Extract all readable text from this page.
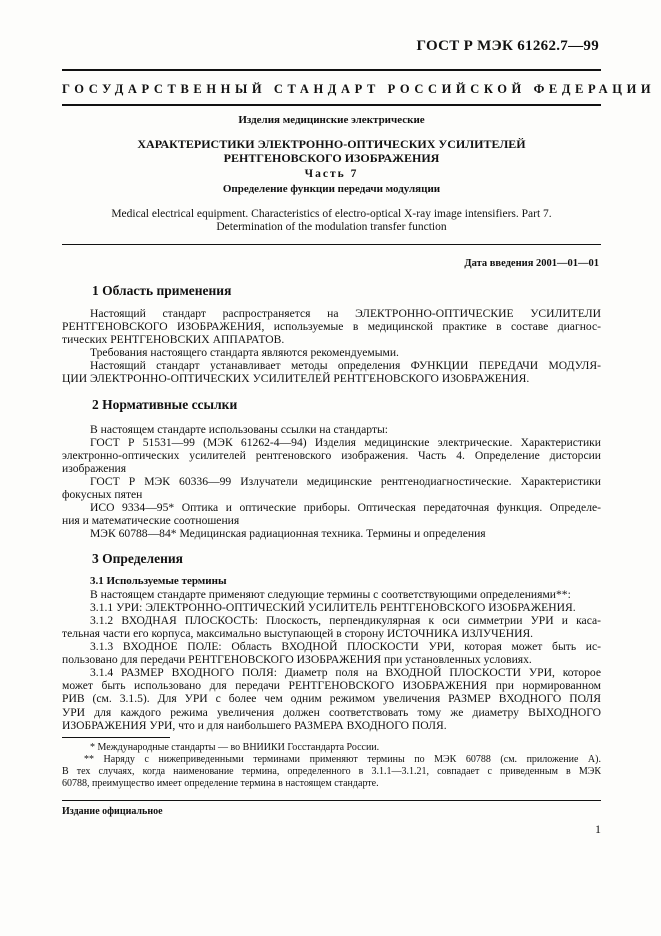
ГОСТ Р МЭК 61262.7—99
ГОСУДАРСТВЕННЫЙ СТАНДАРТ РОССИЙСКОЙ ФЕДЕРАЦИИ
Изделия медицинские электрические
ХАРАКТЕРИСТИКИ ЭЛЕКТРОННО-ОПТИЧЕСКИХ УСИЛИТЕЛЕЙ
РЕНТГЕНОВСКОГО ИЗОБРАЖЕНИЯ
Часть 7
Определение функции передачи модуляции
Medical electrical equipment. Characteristics of electro-optical X-ray image intensifiers. Part 7.
Determination of the modulation transfer function
Дата введения 2001—01—01
1 Область применения
Настоящий стандарт распространяется на ЭЛЕКТРОННО-ОПТИЧЕСКИЕ УСИЛИТЕЛИ
РЕНТГЕНОВСКОГО ИЗОБРАЖЕНИЯ, используемые в медицинской практике в составе диагнос-
тических РЕНТГЕНОВСКИХ АППАРАТОВ.
Требования настоящего стандарта являются рекомендуемыми.
Настоящий стандарт устанавливает методы определения ФУНКЦИИ ПЕРЕДАЧИ МОДУЛЯ-
ЦИИ ЭЛЕКТРОННО-ОПТИЧЕСКИХ УСИЛИТЕЛЕЙ РЕНТГЕНОВСКОГО ИЗОБРАЖЕНИЯ.
2 Нормативные ссылки
В настоящем стандарте использованы ссылки на стандарты:
ГОСТ Р 51531—99 (МЭК 61262-4—94) Изделия медицинские электрические. Характеристики
электронно-оптических усилителей рентгеновского изображения. Часть 4. Определение дисторсии
изображения
ГОСТ Р МЭК 60336—99 Излучатели медицинские рентгенодиагностические. Характеристики
фокусных пятен
ИСО 9334—95* Оптика и оптические приборы. Оптическая передаточная функция. Определе-
ния и математические соотношения
МЭК 60788—84* Медицинская радиационная техника. Термины и определения
3 Определения
3.1 Используемые термины
В настоящем стандарте применяют следующие термины с соответствующими определениями**:
3.1.1 УРИ: ЭЛЕКТРОННО-ОПТИЧЕСКИЙ УСИЛИТЕЛЬ РЕНТГЕНОВСКОГО ИЗОБРАЖЕНИЯ.
3.1.2 ВХОДНАЯ ПЛОСКОСТЬ: Плоскость, перпендикулярная к оси симметрии УРИ и каса-
тельная части его корпуса, максимально выступающей в сторону ИСТОЧНИКА ИЗЛУЧЕНИЯ.
3.1.3 ВХОДНОЕ ПОЛЕ: Область ВХОДНОЙ ПЛОСКОСТИ УРИ, которая может быть ис-
пользовано для передачи РЕНТГЕНОВСКОГО ИЗОБРАЖЕНИЯ при установленных условиях.
3.1.4 РАЗМЕР ВХОДНОГО ПОЛЯ: Диаметр поля на ВХОДНОЙ ПЛОСКОСТИ УРИ, которое
может быть использовано для передачи РЕНТГЕНОВСКОГО ИЗОБРАЖЕНИЯ при нормированном
РИВ (см. 3.1.5). Для УРИ с более чем одним режимом увеличения РАЗМЕР ВХОДНОГО ПОЛЯ
УРИ для каждого режима увеличения должен соответствовать тому же диаметру ВЫХОДНОГО
ИЗОБРАЖЕНИЯ УРИ, что и для наибольшего РАЗМЕРА ВХОДНОГО ПОЛЯ.
* Международные стандарты — во ВНИИКИ Госстандарта России.
** Наряду с нижеприведенными терминами применяют термины по МЭК 60788 (см. приложение А).
В тех случаях, когда наименование термина, определенного в 3.1.1—3.1.21, совпадает с приведенным в МЭК
60788, преимущество имеет определение термина в настоящем стандарте.
Издание официальное
1
